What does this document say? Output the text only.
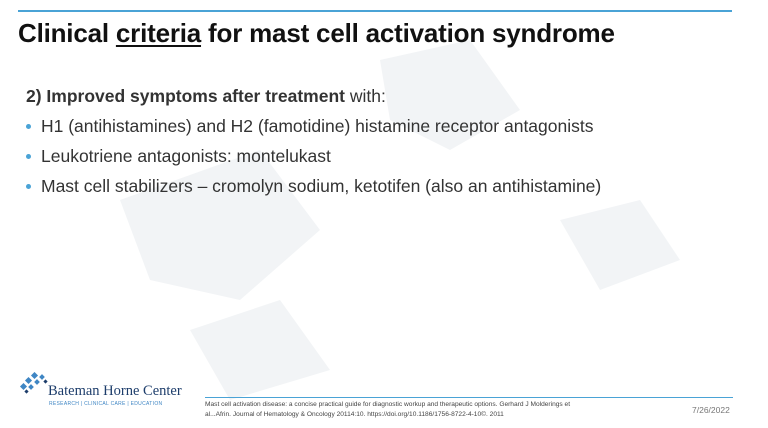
Clinical criteria for mast cell activation syndrome

2) Improved symptoms after treatment with:

H1 (antihistamines) and H2 (famotidine) histamine receptor antagonists
Leukotriene antagonists: montelukast
Mast cell stabilizers – cromolyn sodium, ketotifen (also an antihistamine)
Bateman Horne Center
RESEARCH | CLINICAL CARE | EDUCATION	Mast cell activation disease: a concise practical guide for diagnostic workup and therapeutic options. Gerhard J Molderings et
al...Afrin. Journal of Hematology & Oncology 20114:10. https://doi.org/10.1186/1756-8722-4-10©. 2011	7/26/2022
